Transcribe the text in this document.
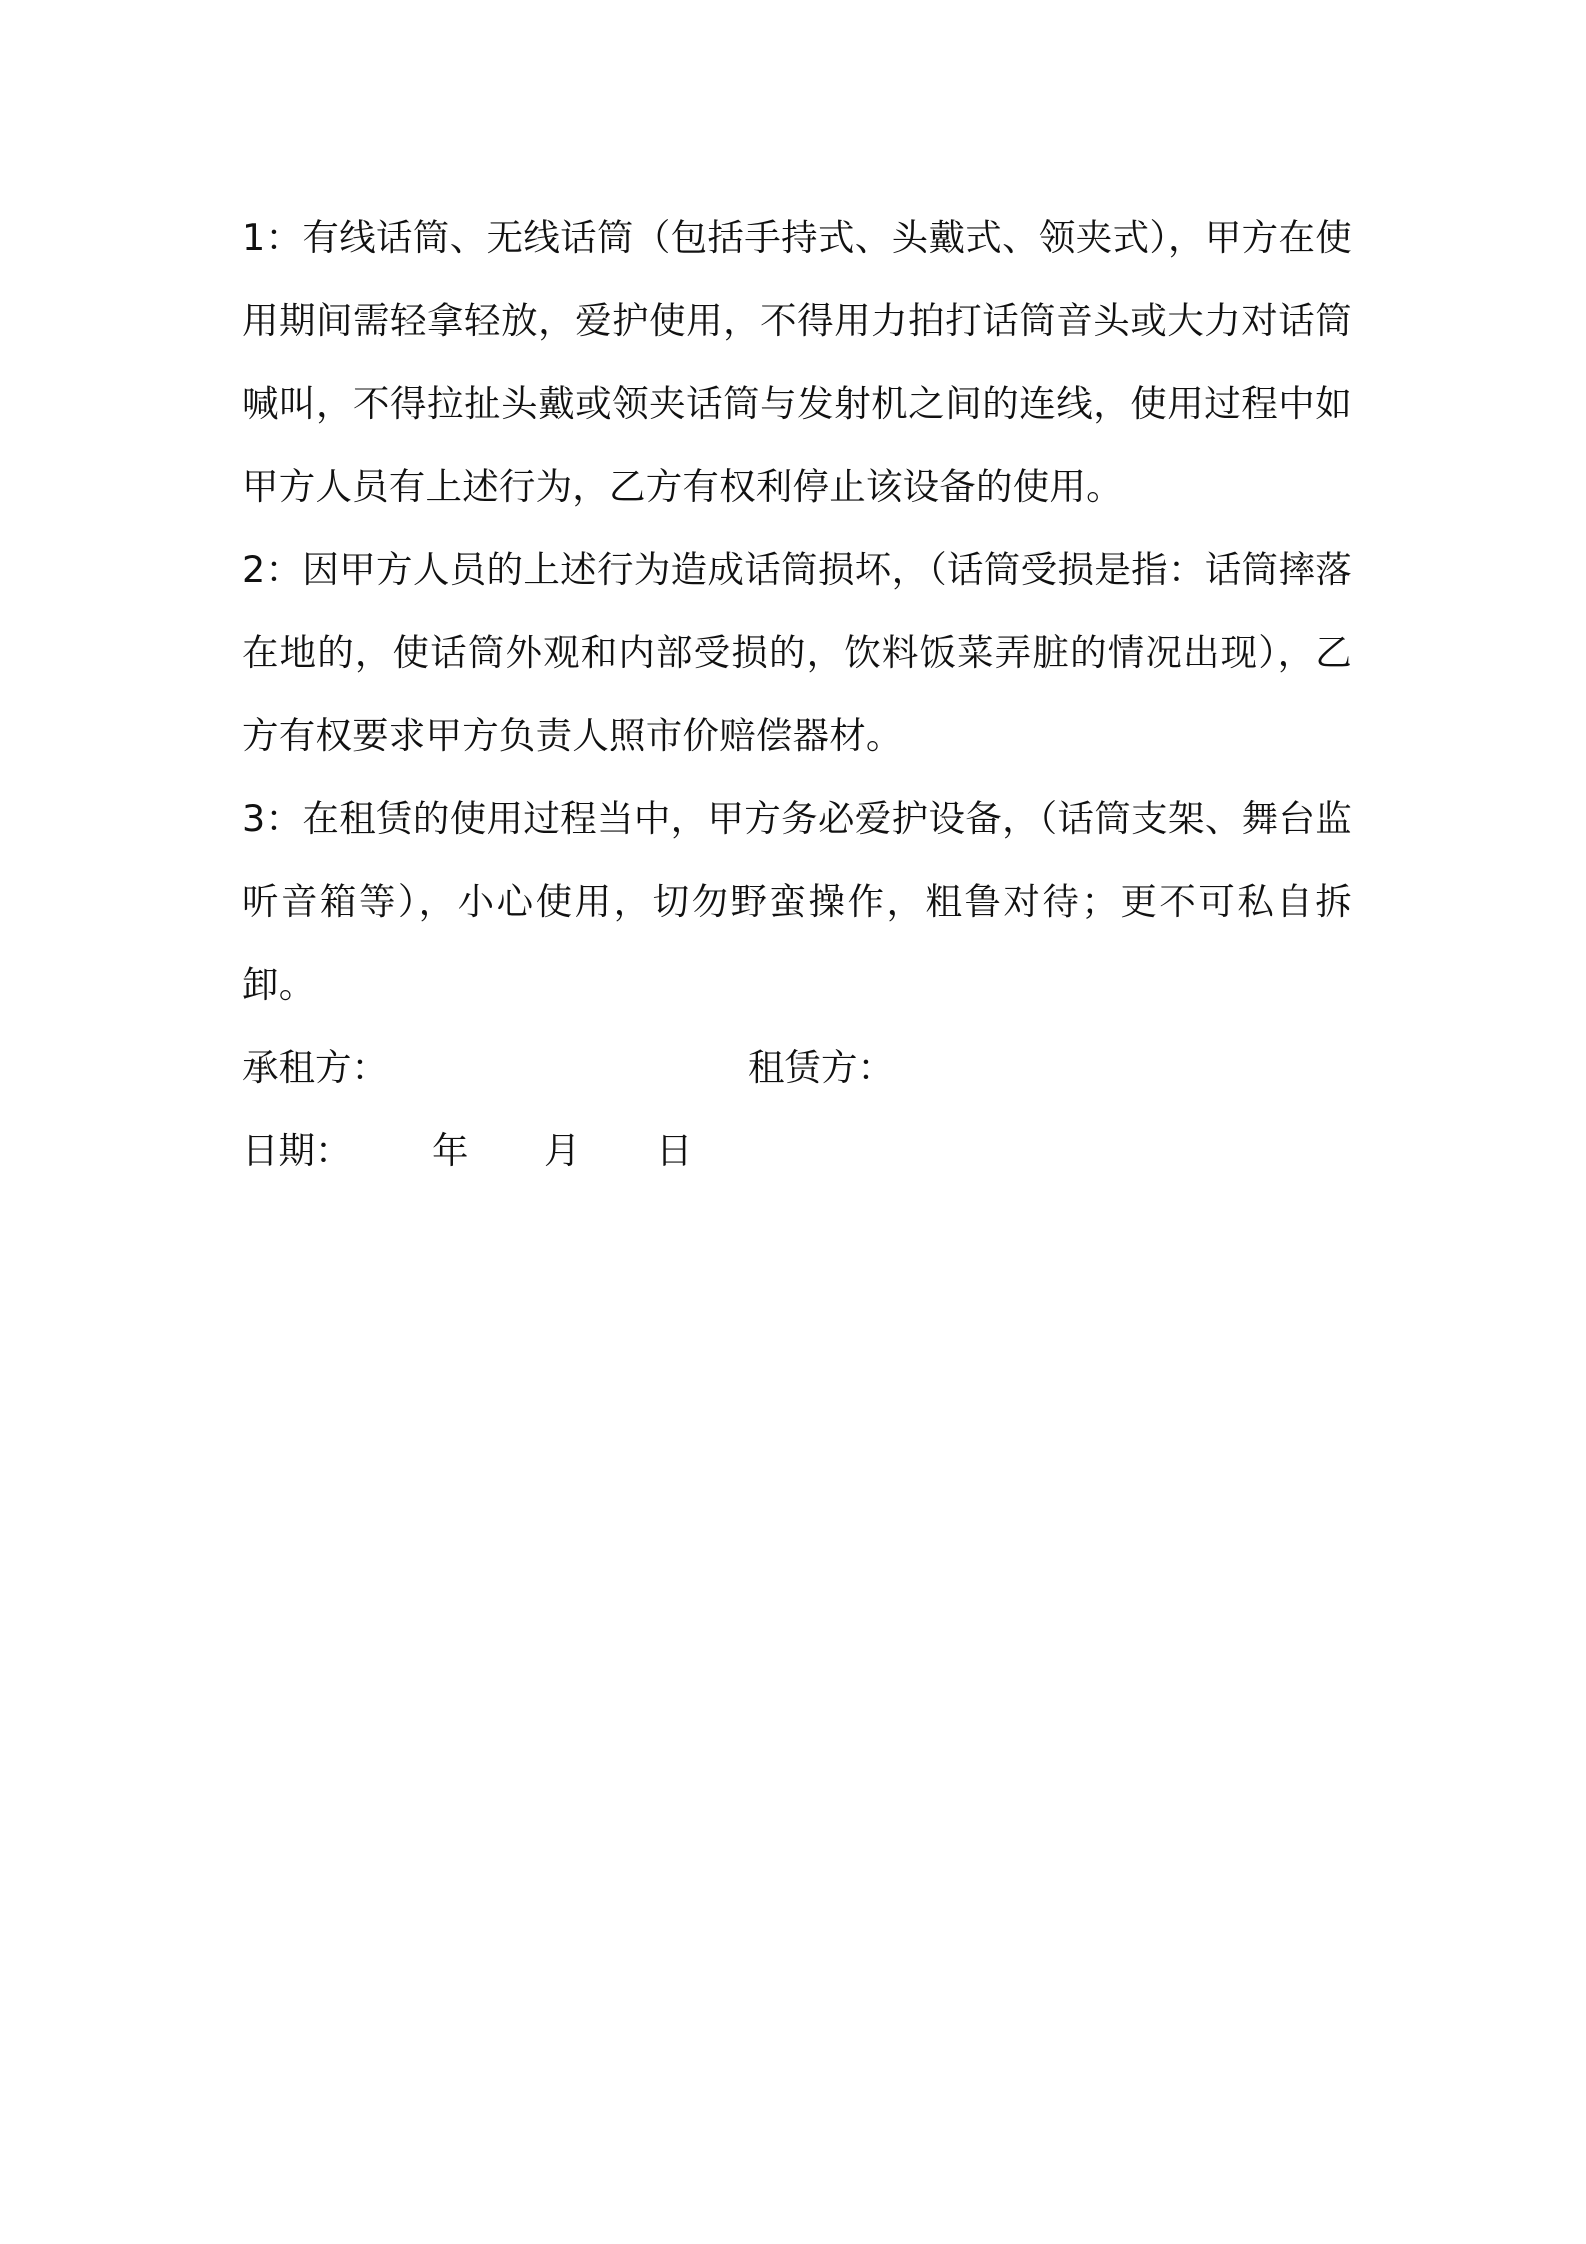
1：有线话筒、无线话筒（包括手持式、头戴式、领夹式），甲方在使用期间需轻拿轻放，爱护使用，不得用力拍打话筒音头或大力对话筒喊叫，不得拉扯头戴或领夹话筒与发射机之间的连线，使用过程中如甲方人员有上述行为，乙方有权利停止该设备的使用。

2：因甲方人员的上述行为造成话筒损坏，（话筒受损是指：话筒摔落在地的，使话筒外观和内部受损的，饮料饭菜弄脏的情况出现），乙方有权要求甲方负责人照市价赔偿器材。

3：在租赁的使用过程当中，甲方务必爱护设备，（话筒支架、舞台监听音箱等），小心使用，切勿野蛮操作，粗鲁对待；更不可私自拆卸。

承租方：	租赁方：
日期： 年 月 日
